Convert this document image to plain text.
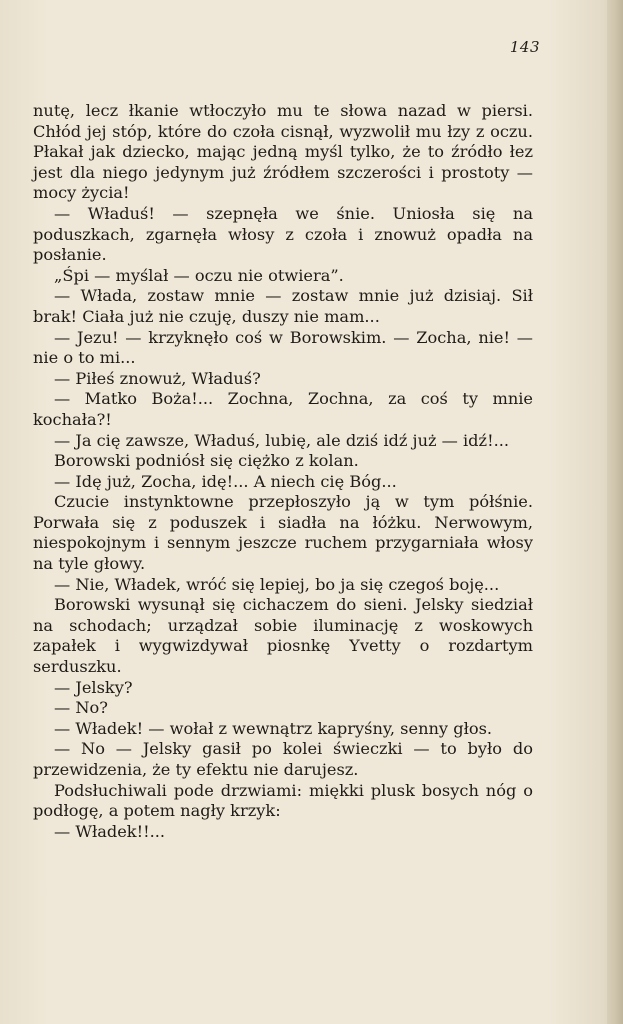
143

nutę, lecz łkanie wtłoczyło mu te słowa nazad w piersi. Chłód jej stóp, które do czoła cisnął, wyzwolił mu łzy z oczu. Płakał jak dziecko, mając jedną myśl tylko, że to źródło łez jest dla niego jedynym już źródłem szczerości i prostoty — mocy życia!

— Właduś! — szepnęła we śnie. Uniosła się na poduszkach, zgarnęła włosy z czoła i znowuż opadła na posłanie.

„Śpi — myślał — oczu nie otwiera”.

— Włada, zostaw mnie — zostaw mnie już dzisiaj. Sił brak! Ciała już nie czuję, duszy nie mam...

— Jezu! — krzyknęło coś w Borowskim. — Zocha, nie! — nie o to mi...

— Piłeś znowuż, Właduś?

— Matko Boża!... Zochna, Zochna, za coś ty mnie kochała?!

— Ja cię zawsze, Właduś, lubię, ale dziś idź już — idź!...

Borowski podniósł się ciężko z kolan.

— Idę już, Zocha, idę!... A niech cię Bóg...

Czucie instynktowne przepłoszyło ją w tym półśnie. Porwała się z poduszek i siadła na łóżku. Nerwowym, niespokojnym i sennym jeszcze ruchem przygarniała włosy na tyle głowy.

— Nie, Władek, wróć się lepiej, bo ja się czegoś boję...

Borowski wysunął się cichaczem do sieni. Jelsky siedział na schodach; urządzał sobie iluminację z woskowych zapałek i wygwizdywał piosnkę Yvetty o rozdartym serduszku.

— Jelsky?

— No?

— Władek! — wołał z wewnątrz kapryśny, senny głos.

— No — Jelsky gasił po kolei świeczki — to było do przewidzenia, że ty efektu nie darujesz.

Podsłuchiwali pode drzwiami: miękki plusk bosych nóg o podłogę, a potem nagły krzyk:

— Władek!!...
